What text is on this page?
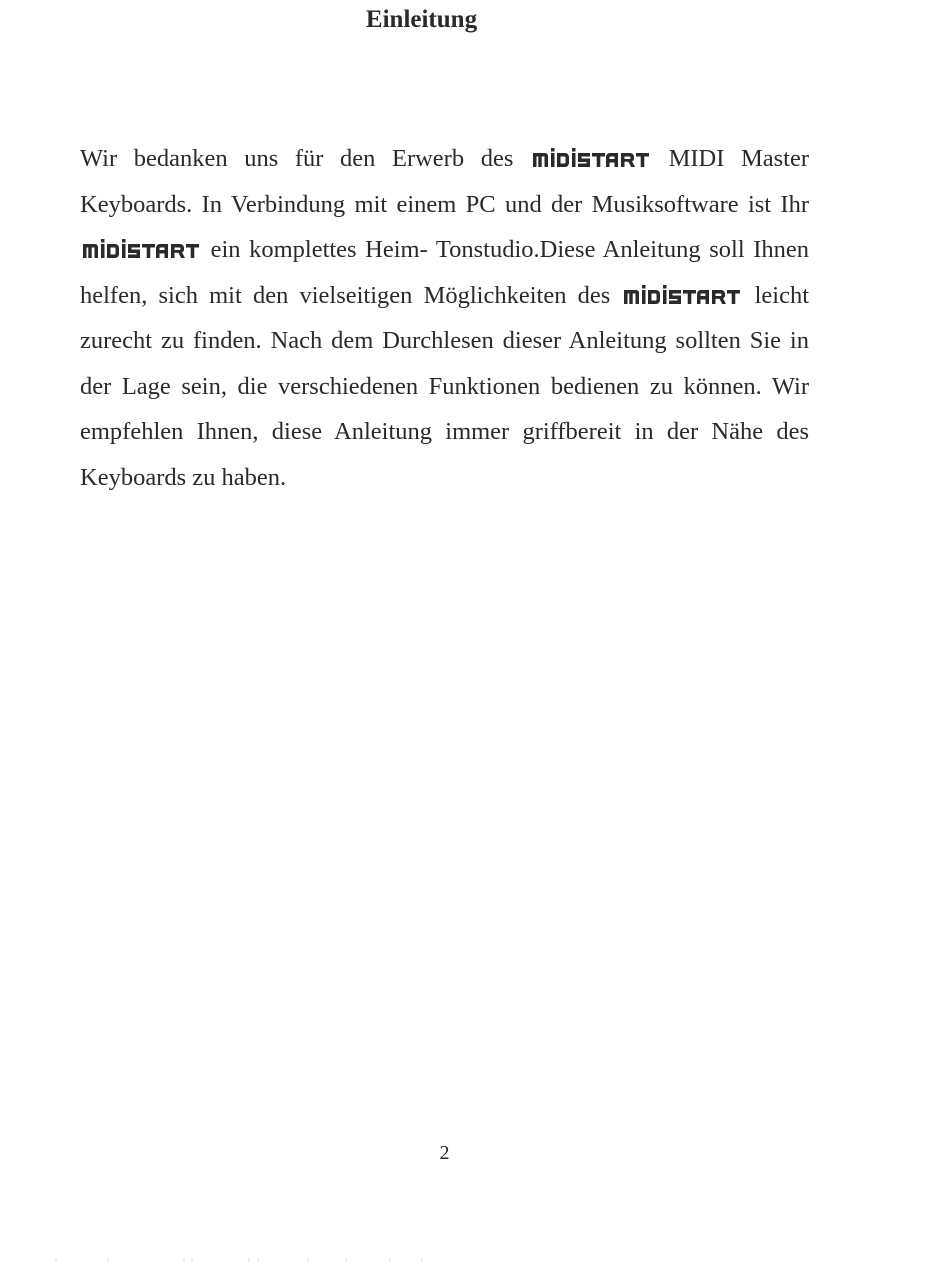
Einleitung

Wir bedanken uns für den Erwerb des	MIDI Master Keyboards. In Verbindung mit einem PC und der Musiksoftware ist Ihr
ein komplettes Heim- Tonstudio.Diese Anleitung soll Ihnen helfen, sich mit den vielseitigen Möglichkeiten des	leicht zurecht zu finden. Nach dem Durchlesen dieser Anleitung sollten Sie in der Lage sein, die verschiedenen Funktionen bedienen zu können. Wir empfehlen Ihnen, diese Anleitung immer griffbereit in der Nähe des Keyboards zu haben.

2
